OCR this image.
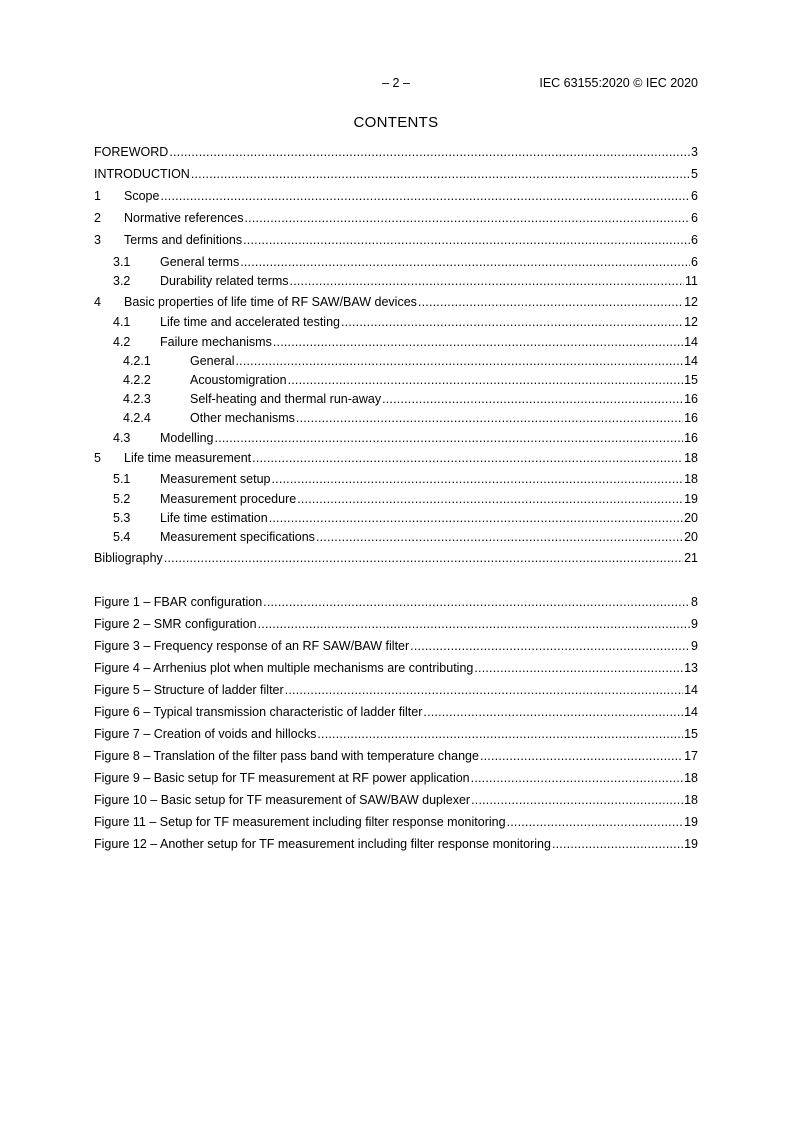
– 2 –	IEC 63155:2020 © IEC 2020
CONTENTS
FOREWORD .....	3
INTRODUCTION .....	5
1	Scope .....	6
2	Normative references .....	6
3	Terms and definitions .....	6
3.1	General terms .....	6
3.2	Durability related terms .....	11
4	Basic properties of life time of RF SAW/BAW devices .....	12
4.1	Life time and accelerated testing .....	12
4.2	Failure mechanisms .....	14
4.2.1	General .....	14
4.2.2	Acoustomigration .....	15
4.2.3	Self-heating and thermal run-away .....	16
4.2.4	Other mechanisms .....	16
4.3	Modelling .....	16
5	Life time measurement .....	18
5.1	Measurement setup .....	18
5.2	Measurement procedure .....	19
5.3	Life time estimation .....	20
5.4	Measurement specifications .....	20
Bibliography .....	21
Figure 1 – FBAR configuration .....	8
Figure 2 – SMR configuration .....	9
Figure 3 – Frequency response of an RF SAW/BAW filter .....	9
Figure 4 – Arrhenius plot when multiple mechanisms are contributing .....	13
Figure 5 – Structure of ladder filter .....	14
Figure 6 – Typical transmission characteristic of ladder filter .....	14
Figure 7 – Creation of voids and hillocks .....	15
Figure 8 – Translation of the filter pass band with temperature change .....	17
Figure 9 – Basic setup for TF measurement at RF power application .....	18
Figure 10 – Basic setup for TF measurement of SAW/BAW duplexer .....	18
Figure 11 – Setup for TF measurement including filter response monitoring .....	19
Figure 12 – Another setup for TF measurement including filter response monitoring .....	19
